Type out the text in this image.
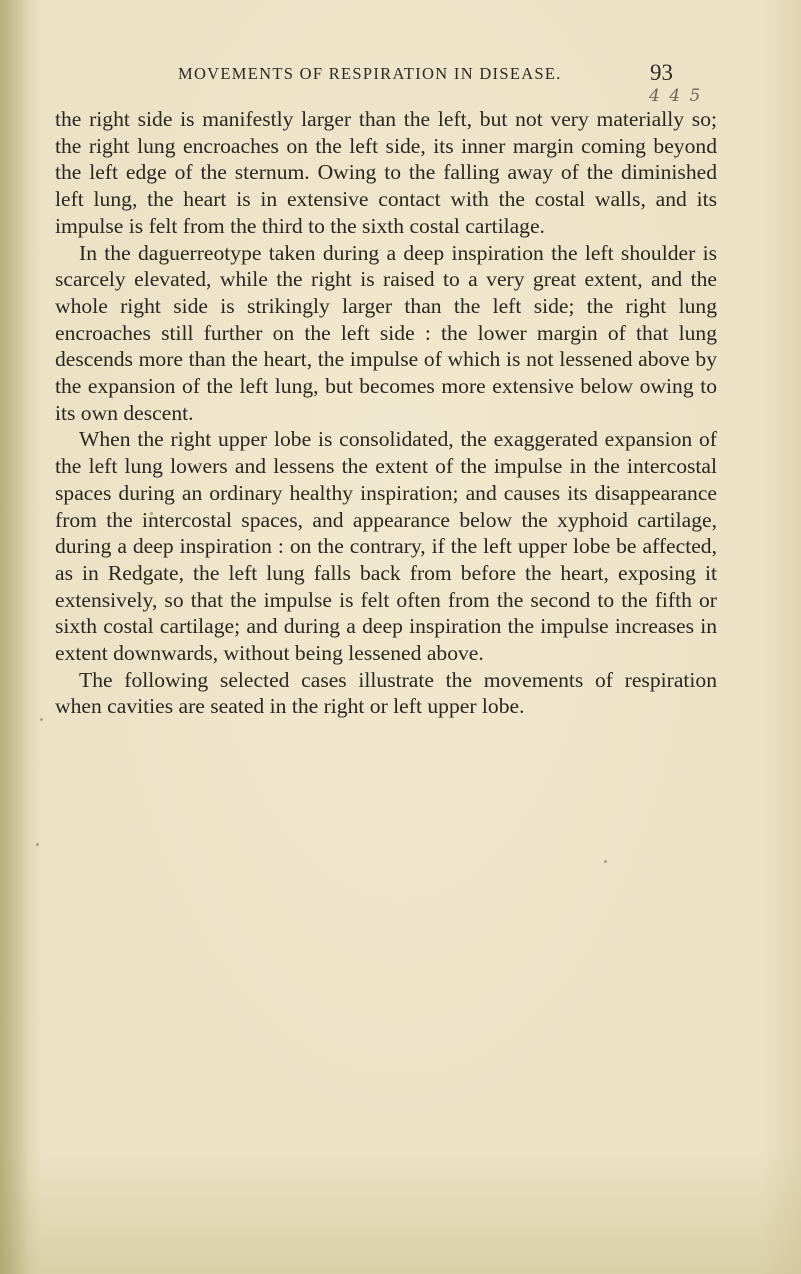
MOVEMENTS OF RESPIRATION IN DISEASE.	93
4 4 5

the right side is manifestly larger than the left, but not very materially so; the right lung encroaches on the left side, its inner margin coming beyond the left edge of the sternum. Owing to the falling away of the diminished left lung, the heart is in extensive contact with the costal walls, and its impulse is felt from the third to the sixth costal cartilage.

In the daguerreotype taken during a deep inspiration the left shoulder is scarcely elevated, while the right is raised to a very great extent, and the whole right side is strikingly larger than the left side; the right lung encroaches still further on the left side : the lower margin of that lung descends more than the heart, the impulse of which is not lessened above by the expansion of the left lung, but becomes more extensive below owing to its own descent.

When the right upper lobe is consolidated, the exaggerated expansion of the left lung lowers and lessens the extent of the impulse in the intercostal spaces during an ordinary healthy inspiration; and causes its disappearance from the intercostal spaces, and appearance below the xyphoid cartilage, during a deep inspiration : on the contrary, if the left upper lobe be affected, as in Redgate, the left lung falls back from before the heart, exposing it extensively, so that the impulse is felt often from the second to the fifth or sixth costal cartilage; and during a deep inspiration the impulse increases in extent downwards, without being lessened above.

The following selected cases illustrate the movements of respiration when cavities are seated in the right or left upper lobe.
